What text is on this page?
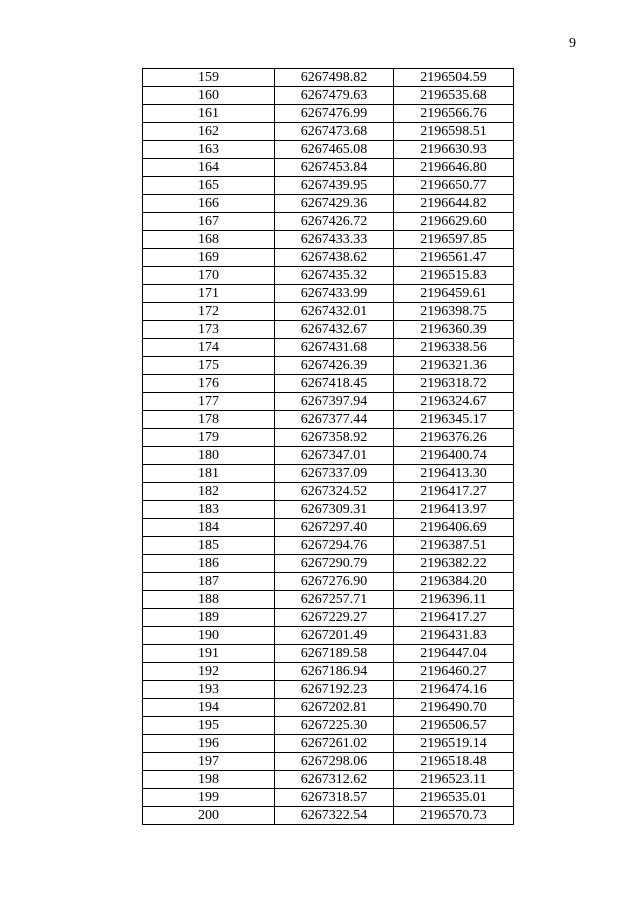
9
159	6267498.82	2196504.59
160	6267479.63	2196535.68
161	6267476.99	2196566.76
162	6267473.68	2196598.51
163	6267465.08	2196630.93
164	6267453.84	2196646.80
165	6267439.95	2196650.77
166	6267429.36	2196644.82
167	6267426.72	2196629.60
168	6267433.33	2196597.85
169	6267438.62	2196561.47
170	6267435.32	2196515.83
171	6267433.99	2196459.61
172	6267432.01	2196398.75
173	6267432.67	2196360.39
174	6267431.68	2196338.56
175	6267426.39	2196321.36
176	6267418.45	2196318.72
177	6267397.94	2196324.67
178	6267377.44	2196345.17
179	6267358.92	2196376.26
180	6267347.01	2196400.74
181	6267337.09	2196413.30
182	6267324.52	2196417.27
183	6267309.31	2196413.97
184	6267297.40	2196406.69
185	6267294.76	2196387.51
186	6267290.79	2196382.22
187	6267276.90	2196384.20
188	6267257.71	2196396.11
189	6267229.27	2196417.27
190	6267201.49	2196431.83
191	6267189.58	2196447.04
192	6267186.94	2196460.27
193	6267192.23	2196474.16
194	6267202.81	2196490.70
195	6267225.30	2196506.57
196	6267261.02	2196519.14
197	6267298.06	2196518.48
198	6267312.62	2196523.11
199	6267318.57	2196535.01
200	6267322.54	2196570.73
